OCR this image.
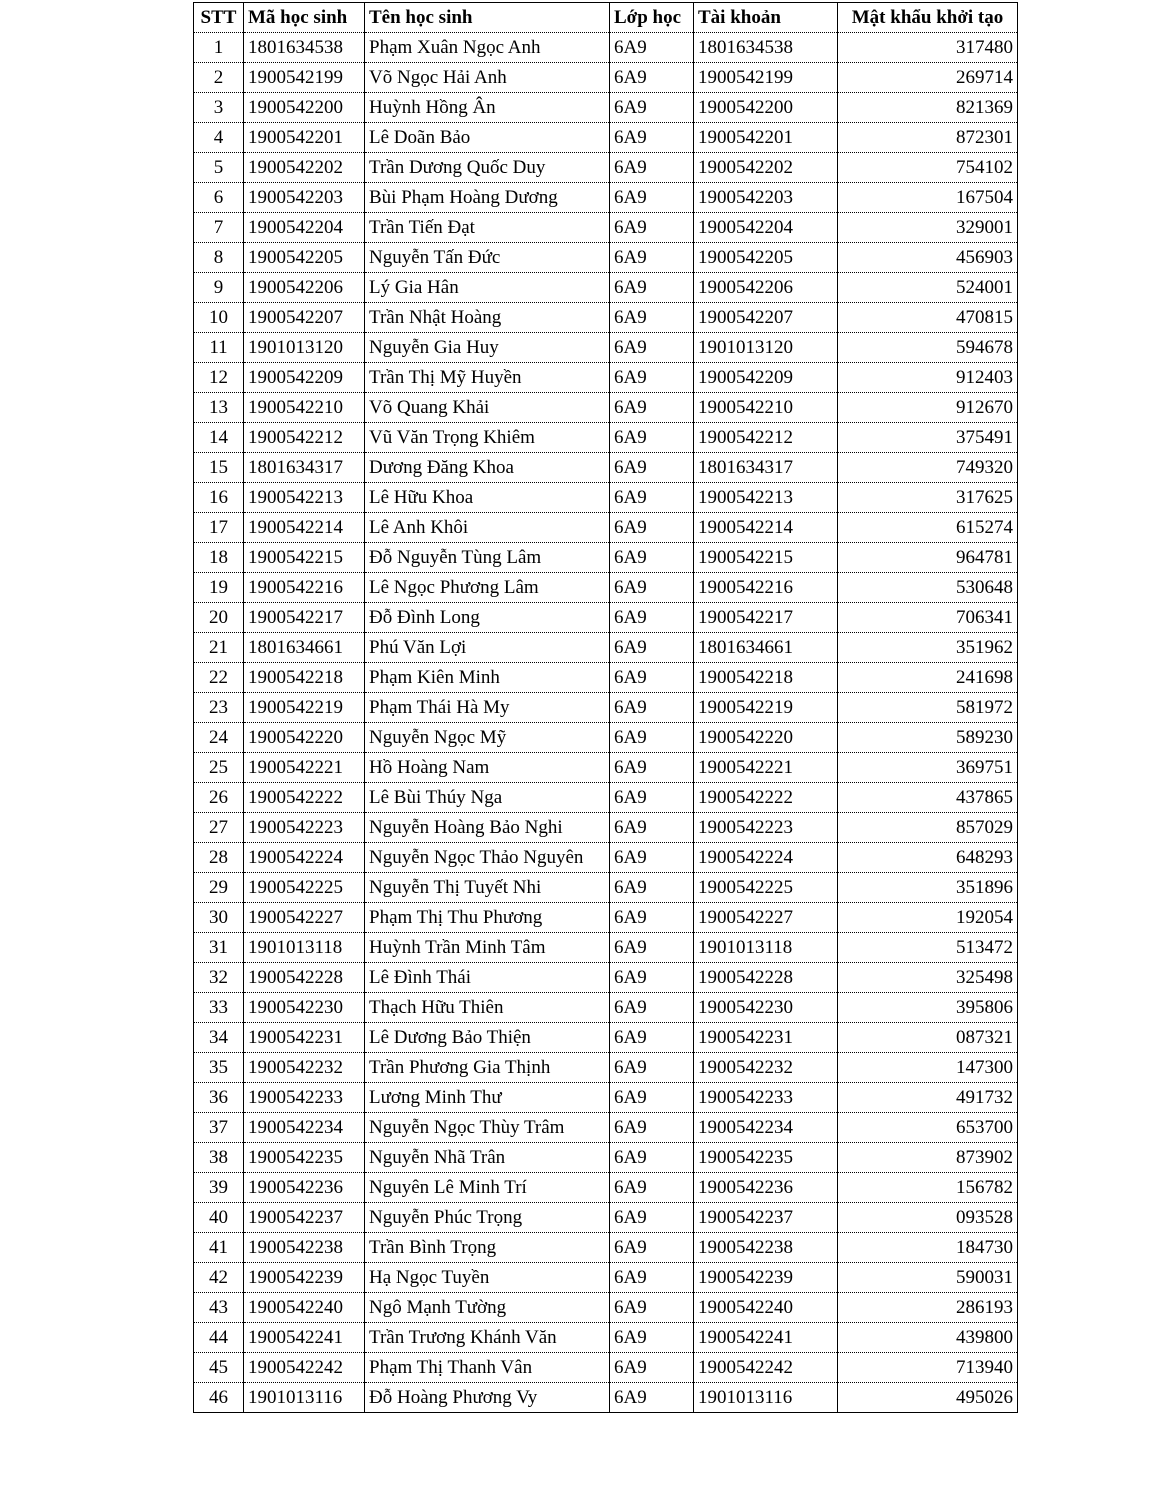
STT	Mã học sinh	Tên học sinh	Lớp học	Tài khoản	Mật khẩu khởi tạo
1	1801634538	Phạm Xuân Ngọc Anh	6A9	1801634538	317480
2	1900542199	Võ Ngọc Hải Anh	6A9	1900542199	269714
3	1900542200	Huỳnh Hồng Ân	6A9	1900542200	821369
4	1900542201	Lê Doãn Bảo	6A9	1900542201	872301
5	1900542202	Trần Dương Quốc Duy	6A9	1900542202	754102
6	1900542203	Bùi Phạm Hoàng Dương	6A9	1900542203	167504
7	1900542204	Trần Tiến Đạt	6A9	1900542204	329001
8	1900542205	Nguyễn Tấn Đức	6A9	1900542205	456903
9	1900542206	Lý Gia Hân	6A9	1900542206	524001
10	1900542207	Trần Nhật Hoàng	6A9	1900542207	470815
11	1901013120	Nguyễn Gia Huy	6A9	1901013120	594678
12	1900542209	Trần Thị Mỹ Huyền	6A9	1900542209	912403
13	1900542210	Võ Quang Khải	6A9	1900542210	912670
14	1900542212	Vũ Văn Trọng Khiêm	6A9	1900542212	375491
15	1801634317	Dương Đăng Khoa	6A9	1801634317	749320
16	1900542213	Lê Hữu Khoa	6A9	1900542213	317625
17	1900542214	Lê Anh Khôi	6A9	1900542214	615274
18	1900542215	Đỗ Nguyễn Tùng Lâm	6A9	1900542215	964781
19	1900542216	Lê Ngọc Phương Lâm	6A9	1900542216	530648
20	1900542217	Đỗ Đình Long	6A9	1900542217	706341
21	1801634661	Phú Văn Lợi	6A9	1801634661	351962
22	1900542218	Phạm Kiên Minh	6A9	1900542218	241698
23	1900542219	Phạm Thái Hà My	6A9	1900542219	581972
24	1900542220	Nguyễn Ngọc Mỹ	6A9	1900542220	589230
25	1900542221	Hồ Hoàng Nam	6A9	1900542221	369751
26	1900542222	Lê Bùi Thúy Nga	6A9	1900542222	437865
27	1900542223	Nguyễn Hoàng Bảo Nghi	6A9	1900542223	857029
28	1900542224	Nguyễn Ngọc Thảo Nguyên	6A9	1900542224	648293
29	1900542225	Nguyễn Thị Tuyết Nhi	6A9	1900542225	351896
30	1900542227	Phạm Thị Thu Phương	6A9	1900542227	192054
31	1901013118	Huỳnh Trần Minh Tâm	6A9	1901013118	513472
32	1900542228	Lê Đình Thái	6A9	1900542228	325498
33	1900542230	Thạch Hữu Thiên	6A9	1900542230	395806
34	1900542231	Lê Dương Bảo Thiện	6A9	1900542231	087321
35	1900542232	Trần Phương Gia Thịnh	6A9	1900542232	147300
36	1900542233	Lương Minh Thư	6A9	1900542233	491732
37	1900542234	Nguyễn Ngọc Thùy Trâm	6A9	1900542234	653700
38	1900542235	Nguyễn Nhã Trân	6A9	1900542235	873902
39	1900542236	Nguyên Lê Minh Trí	6A9	1900542236	156782
40	1900542237	Nguyễn Phúc Trọng	6A9	1900542237	093528
41	1900542238	Trần Bình Trọng	6A9	1900542238	184730
42	1900542239	Hạ Ngọc Tuyền	6A9	1900542239	590031
43	1900542240	Ngô Mạnh Tường	6A9	1900542240	286193
44	1900542241	Trần Trương Khánh Văn	6A9	1900542241	439800
45	1900542242	Phạm Thị Thanh Vân	6A9	1900542242	713940
46	1901013116	Đỗ Hoàng Phương Vy	6A9	1901013116	495026
